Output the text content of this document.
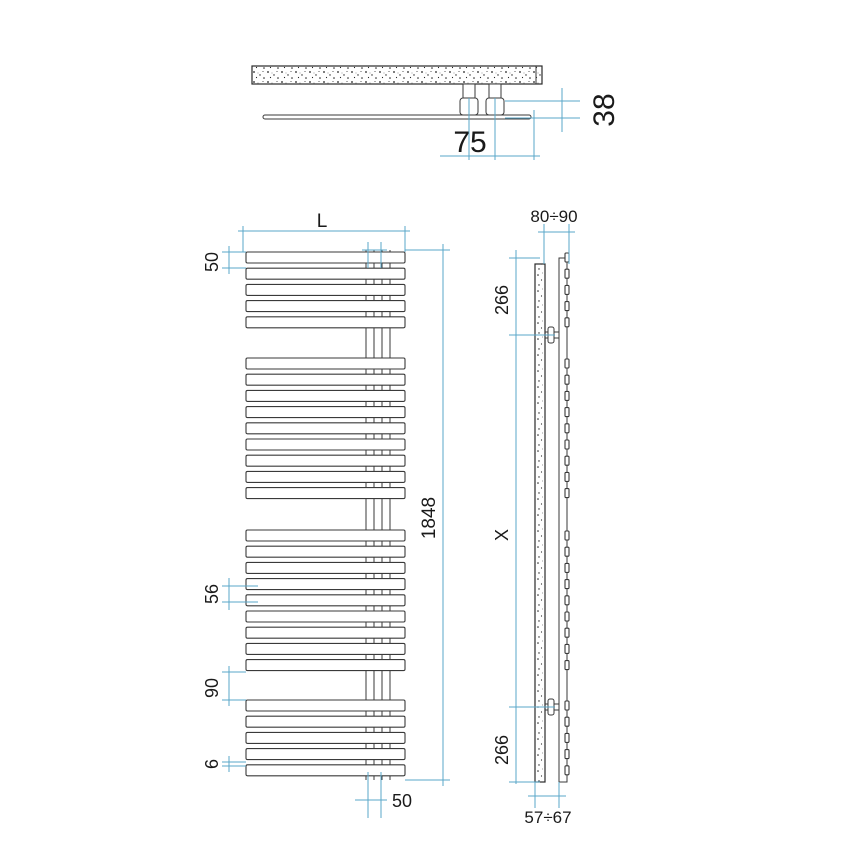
75
38
L
1848
50
56
90
6
50
80÷90
57÷67
266
X
266
